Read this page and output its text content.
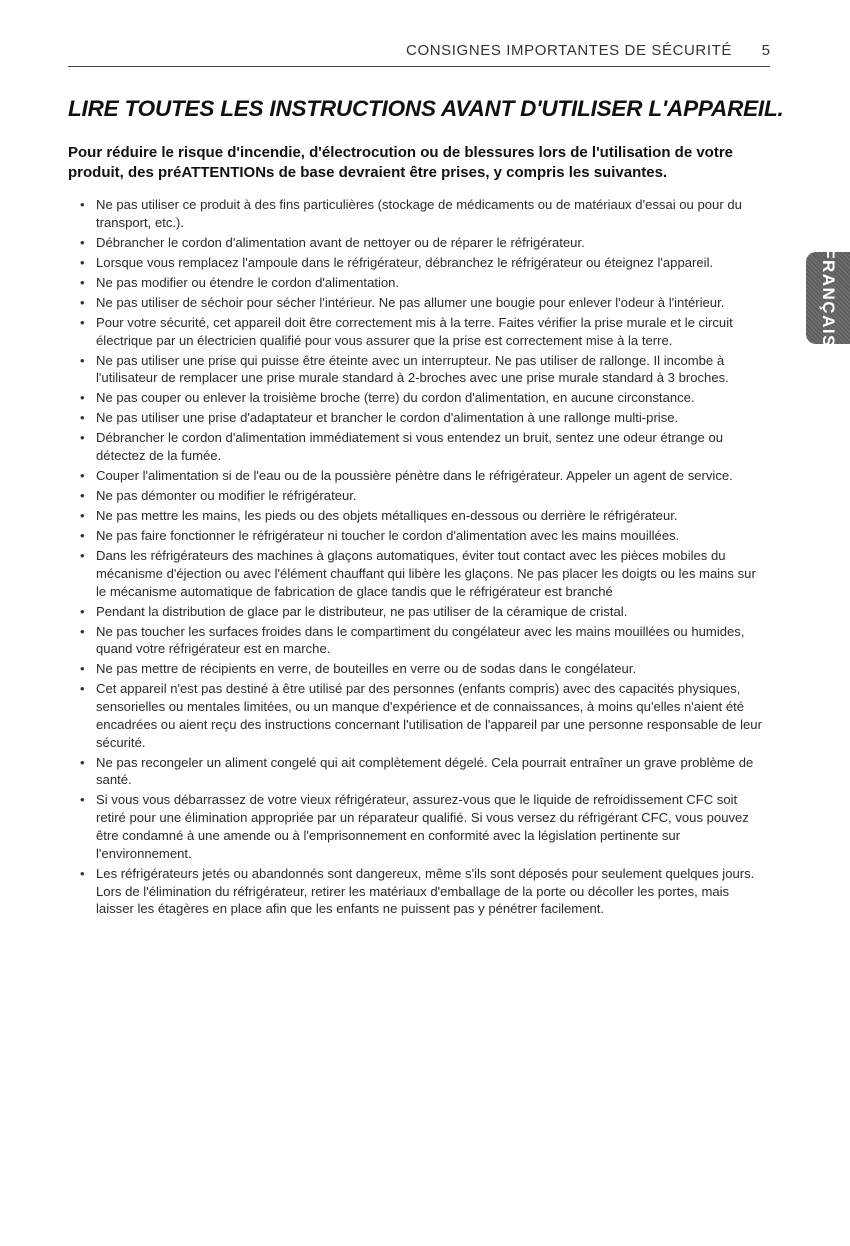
CONSIGNES IMPORTANTES DE SÉCURITÉ 5
LIRE TOUTES LES INSTRUCTIONS AVANT D'UTILISER L'APPAREIL.

Pour réduire le risque d'incendie, d'électrocution ou de blessures lors de l'utilisation de votre produit, des préATTENTIONs de base devraient être prises, y compris les suivantes.

• Ne pas utiliser ce produit à des fins particulières (stockage de médicaments ou de matériaux d'essai ou pour du transport, etc.).
• Débrancher le cordon d'alimentation avant de nettoyer ou de réparer le réfrigérateur.
• Lorsque vous remplacez l'ampoule dans le réfrigérateur, débranchez le réfrigérateur ou éteignez l'appareil.
• Ne pas modifier ou étendre le cordon d'alimentation.
• Ne pas utiliser de séchoir pour sécher l'intérieur. Ne pas allumer une bougie pour enlever l'odeur à l'intérieur.
• Pour votre sécurité, cet appareil doit être correctement mis à la terre. Faites vérifier la prise murale et le circuit électrique par un électricien qualifié pour vous assurer que la prise est correctement mise à la terre.
• Ne pas utiliser une prise qui puisse être éteinte avec un interrupteur. Ne pas utiliser de rallonge. Il incombe à l'utilisateur de remplacer une prise murale standard à 2-broches avec une prise murale standard à 3 broches.
• Ne pas couper ou enlever la troisième broche (terre) du cordon d'alimentation, en aucune circonstance.
• Ne pas utiliser une prise d'adaptateur et brancher le cordon d'alimentation à une rallonge multi-prise.
• Débrancher le cordon d'alimentation immédiatement si vous entendez un bruit, sentez une odeur étrange ou détectez de la fumée.
• Couper l'alimentation si de l'eau ou de la poussière pénètre dans le réfrigérateur. Appeler un agent de service.
• Ne pas démonter ou modifier le réfrigérateur.
• Ne pas mettre les mains, les pieds ou des objets métalliques en-dessous ou derrière le réfrigérateur.
• Ne pas faire fonctionner le réfrigérateur ni toucher le cordon d'alimentation avec les mains mouillées.
• Dans les réfrigérateurs des machines à glaçons automatiques, éviter tout contact avec les pièces mobiles du mécanisme d'éjection ou avec l'élément chauffant qui libère les glaçons. Ne pas placer les doigts ou les mains sur le mécanisme automatique de fabrication de glace tandis que le réfrigérateur est branché
• Pendant la distribution de glace par le distributeur, ne pas utiliser de la céramique de cristal.
• Ne pas toucher les surfaces froides dans le compartiment du congélateur avec les mains mouillées ou humides, quand votre réfrigérateur est en marche.
• Ne pas mettre de récipients en verre, de bouteilles en verre ou de sodas dans le congélateur.
• Cet appareil n'est pas destiné à être utilisé par des personnes (enfants compris) avec des capacités physiques, sensorielles ou mentales limitées, ou un manque d'expérience et de connaissances, à moins qu'elles n'aient été encadrées ou aient reçu des instructions concernant l'utilisation de l'appareil par une personne responsable de leur sécurité.
• Ne pas recongeler un aliment congelé qui ait complètement dégelé. Cela pourrait entraîner un grave problème de santé.
• Si vous vous débarrassez de votre vieux réfrigérateur, assurez-vous que le liquide de refroidissement CFC soit retiré pour une élimination appropriée par un réparateur qualifié. Si vous versez du réfrigérant CFC, vous pouvez être condamné à une amende ou à l'emprisonnement en conformité avec la législation pertinente sur l'environnement.
• Les réfrigérateurs jetés ou abandonnés sont dangereux, même s'ils sont déposés pour seulement quelques jours. Lors de l'élimination du réfrigérateur, retirer les matériaux d'emballage de la porte ou décoller les portes, mais laisser les étagères en place afin que les enfants ne puissent pas y pénétrer facilement.
FRANÇAIS
